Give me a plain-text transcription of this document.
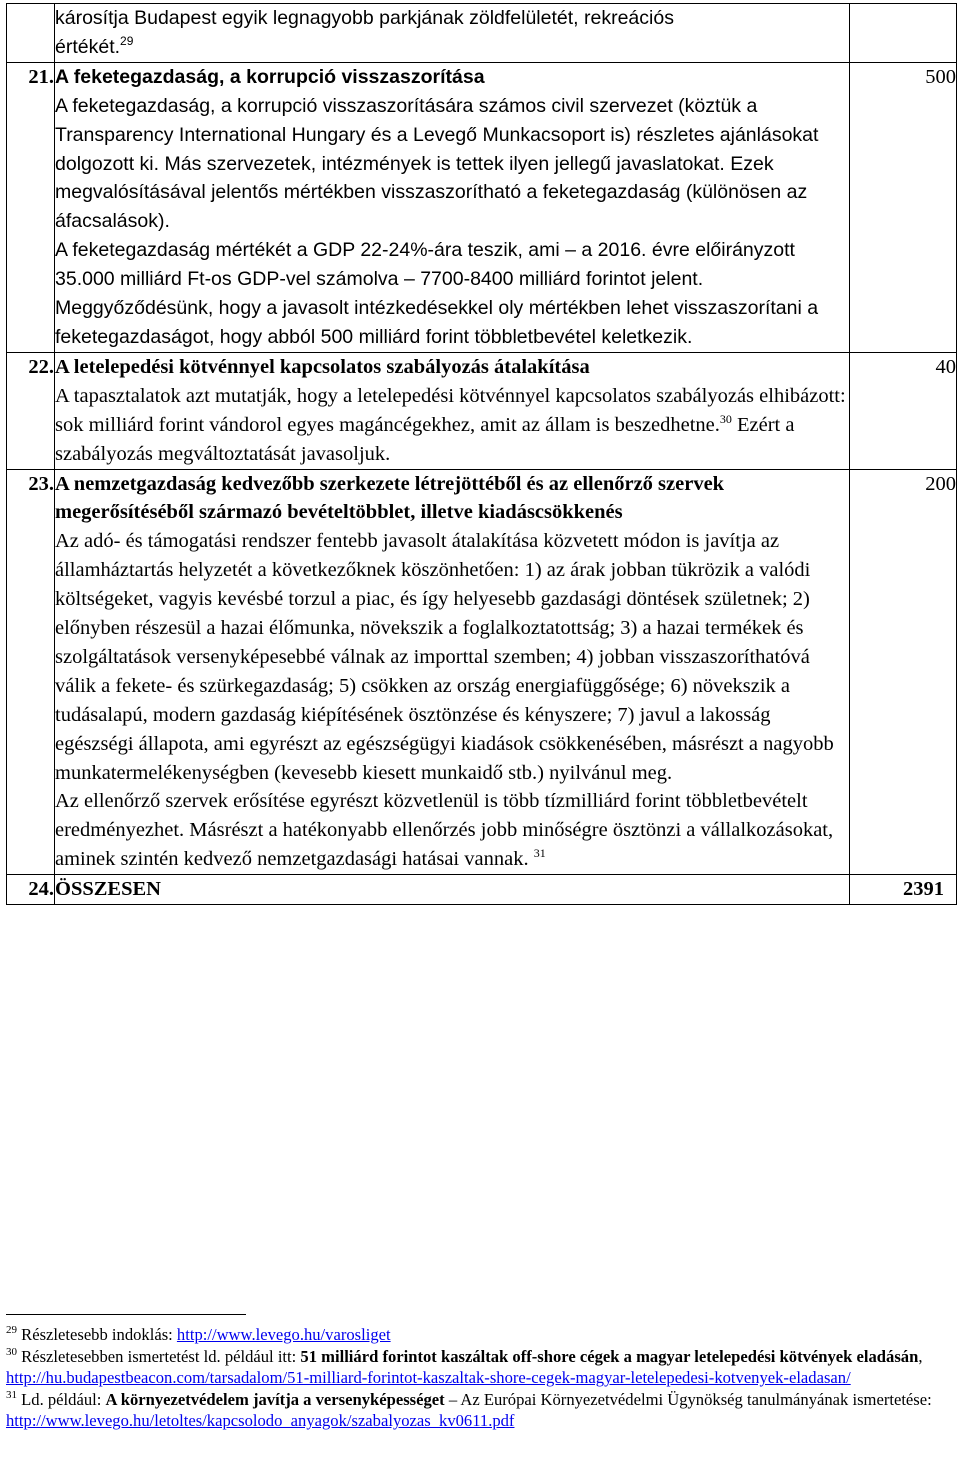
	károsítja Budapest egyik legnagyobb parkjának zöldfelületét, rekreációs
értékét.$^{29}$	
21.	A feketegazdaság, a korrupció visszaszorítása
A feketegazdaság, a korrupció visszaszorítására számos civil szervezet (köztük a Transparency International Hungary és a Levegő Munkacsoport is) részletes ajánlásokat dolgozott ki. Más szervezetek, intézmények is tettek ilyen jellegű javaslatokat. Ezek megvalósításával jelentős mértékben visszaszorítható a feketegazdaság (különösen az áfacsalások).
A feketegazdaság mértékét a GDP 22-24%-ára teszik, ami – a 2016. évre előirányzott 35.000 milliárd Ft-os GDP-vel számolva – 7700-8400 milliárd forintot jelent. Meggyőződésünk, hogy a javasolt intézkedésekkel oly mértékben lehet visszaszorítani a feketegazdaságot, hogy abból 500 milliárd forint többletbevétel keletkezik.	500
22.	A letelepedési kötvénnyel kapcsolatos szabályozás átalakítása
A tapasztalatok azt mutatják, hogy a letelepedési kötvénnyel kapcsolatos szabályozás elhibázott: sok milliárd forint vándorol egyes magáncégekhez, amit az állam is beszedhetne.$^{30}$ Ezért a szabályozás megváltoztatását javasoljuk.	40
23.	A nemzetgazdaság kedvezőbb szerkezete létrejöttéből és az ellenőrző szervek megerősítéséből származó bevételtöbblet, illetve kiadáscsökkenés
Az adó- és támogatási rendszer fentebb javasolt átalakítása közvetett módon is javítja az államháztartás helyzetét a következőknek köszönhetően: 1) az árak jobban tükrözik a valódi költségeket, vagyis kevésbé torzul a piac, és így helyesebb gazdasági döntések születnek; 2) előnyben részesül a hazai élőmunka, növekszik a foglalkoztatottság; 3) a hazai termékek és szolgáltatások versenyképesebbé válnak az importtal szemben; 4) jobban visszaszoríthatóvá válik a fekete- és szürkegazdaság; 5) csökken az ország energiafüggősége; 6) növekszik a tudásalapú, modern gazdaság kiépítésének ösztönzése és kényszere; 7) javul a lakosság egészségi állapota, ami egyrészt az egészségügyi kiadások csökkenésében, másrészt a nagyobb munkatermelékenységben (kevesebb kiesett munkaidő stb.) nyilvánul meg.
Az ellenőrző szervek erősítése egyrészt közvetlenül is több tízmilliárd forint többletbevételt eredményezhet. Másrészt a hatékonyabb ellenőrzés jobb minőségre ösztönzi a vállalkozásokat, aminek szintén kedvező nemzetgazdasági hatásai vannak. $^{31}$	200
24.	ÖSSZESEN	2391

$^{29}$ Részletesebb indoklás: http://www.levego.hu/varosliget

$^{30}$ Részletesebben ismertetést ld. például itt: 51 milliárd forintot kaszáltak off-shore cégek a magyar letelepedési kötvények eladásán, http://hu.budapestbeacon.com/tarsadalom/51-milliard-forintot-kaszaltak-shore-cegek-magyar-letelepedesi-kotvenyek-eladasan/

$^{31}$ Ld. például: A környezetvédelem javítja a versenyképességet – Az Európai Környezetvédelmi Ügynökség tanulmányának ismertetése: http://www.levego.hu/letoltes/kapcsolodo_anyagok/szabalyozas_kv0611.pdf
